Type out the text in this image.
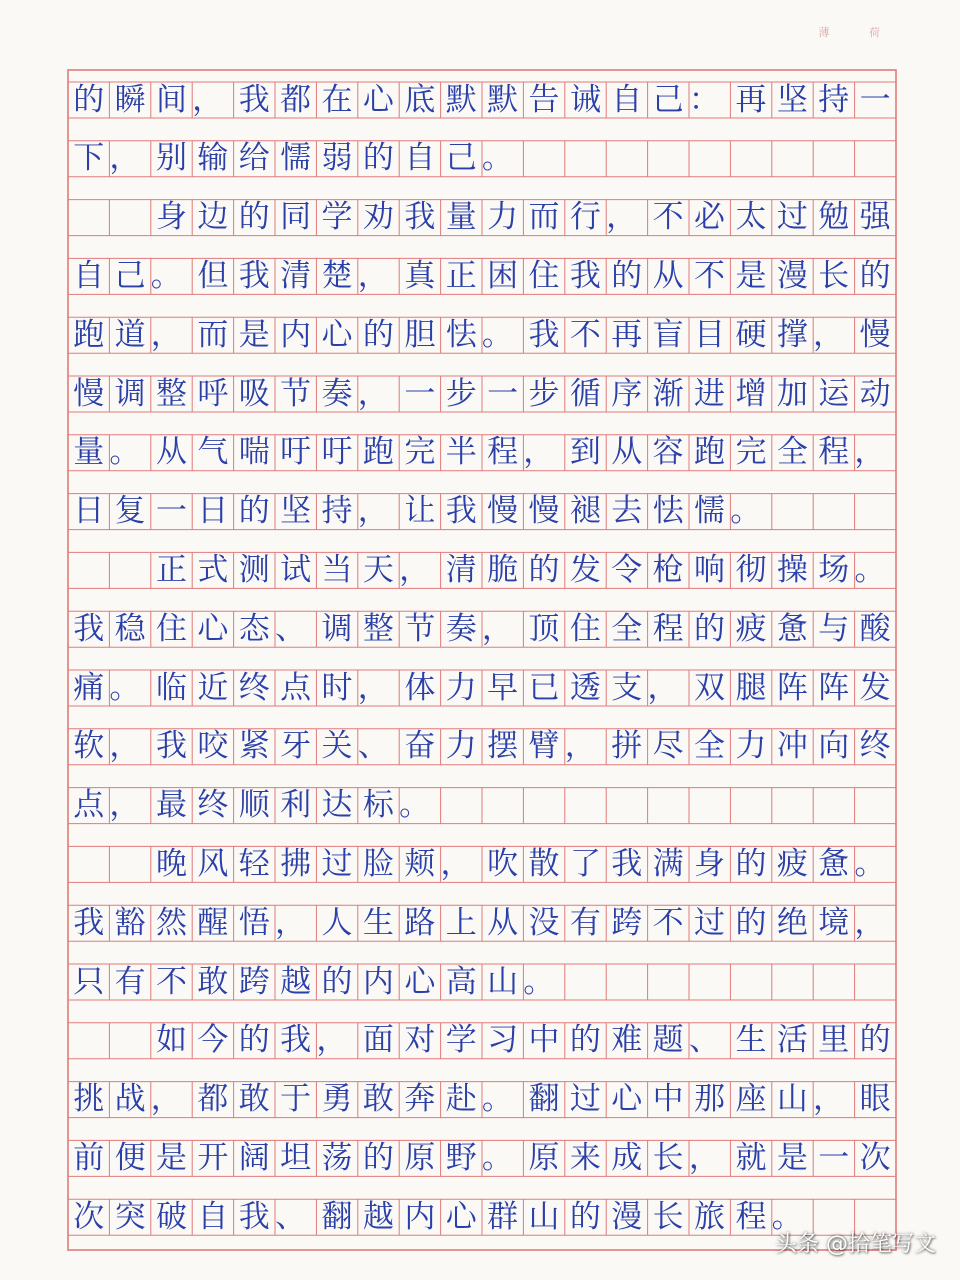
薄 荷
的 瞬 间 ， 我 都 在 心 底 默 默 告 诫 自 己 ： 再 坚 持 一
下 ， 别 输 给 懦 弱 的 自 己 。

身 边 的 同 学 劝 我 量 力 而 行 ， 不 必 太 过 勉 强
自 己 。 但 我 清 楚 ， 真 正 困 住 我 的 从 不 是 漫 长 的
跑 道 ， 而 是 内 心 的 胆 怯 。 我 不 再 盲 目 硬 撑 ， 慢
慢 调 整 呼 吸 节 奏 ， 一 步 一 步 循 序 渐 进 增 加 运 动
量 。 从 气 喘 吁 吁 跑 完 半 程 ， 到 从 容 跑 完 全 程 ，
日 复 一 日 的 坚 持 ， 让 我 慢 慢 褪 去 怯 懦 。

正 式 测 试 当 天 ， 清 脆 的 发 令 枪 响 彻 操 场 。
我 稳 住 心 态 、 调 整 节 奏 ， 顶 住 全 程 的 疲 惫 与 酸
痛 。 临 近 终 点 时 ， 体 力 早 已 透 支 ， 双 腿 阵 阵 发
软 ， 我 咬 紧 牙 关 、 奋 力 摆 臂 ， 拼 尽 全 力 冲 向 终
点 ， 最 终 顺 利 达 标 。

晚 风 轻 拂 过 脸 颊 ， 吹 散 了 我 满 身 的 疲 惫 。
我 豁 然 醒 悟 ， 人 生 路 上 从 没 有 跨 不 过 的 绝 境 ，
只 有 不 敢 跨 越 的 内 心 高 山 。

如 今 的 我 ， 面 对 学 习 中 的 难 题 、 生 活 里 的
挑 战 ， 都 敢 于 勇 敢 奔 赴 。 翻 过 心 中 那 座 山 ， 眼
前 便 是 开 阔 坦 荡 的 原 野 。 原 来 成 长 ， 就 是 一 次
次 突 破 自 我 、 翻 越 内 心 群 山 的 漫 长 旅 程 。
头条 @拾笔写文
